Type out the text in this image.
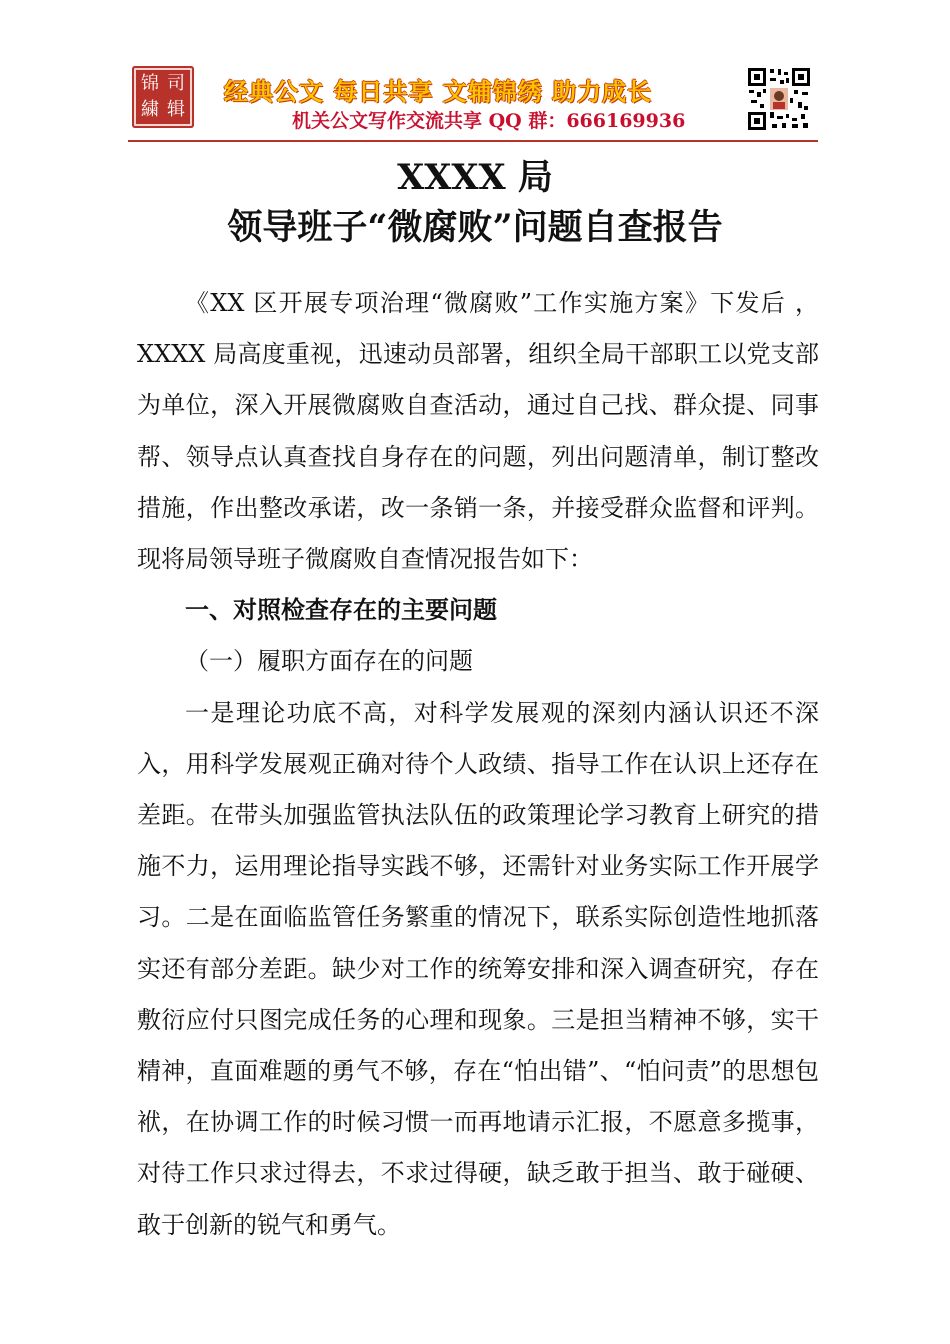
锦 司
繍 辑
经典公文 每日共享 文辅锦绣 助力成长
机关公文写作交流共享 QQ 群：666169936
XXXX 局
领导班子“微腐败”问题自查报告

《XX 区开展专项治理“微腐败”工作实施方案》下发后 ，XXXX 局高度重视，迅速动员部署，组织全局干部职工以党支部为单位，深入开展微腐败自查活动，通过自己找、群众提、同事帮、领导点认真查找自身存在的问题，列出问题清单，制订整改措施，作出整改承诺，改一条销一条，并接受群众监督和评判。现将局领导班子微腐败自查情况报告如下：

一、对照检查存在的主要问题

（一）履职方面存在的问题

一是理论功底不高，对科学发展观的深刻内涵认识还不深入，用科学发展观正确对待个人政绩、指导工作在认识上还存在差距。在带头加强监管执法队伍的政策理论学习教育上研究的措施不力，运用理论指导实践不够，还需针对业务实际工作开展学习。二是在面临监管任务繁重的情况下，联系实际创造性地抓落实还有部分差距。缺少对工作的统筹安排和深入调查研究，存在敷衍应付只图完成任务的心理和现象。三是担当精神不够，实干精神，直面难题的勇气不够，存在“怕出错”、“怕问责”的思想包袱，在协调工作的时候习惯一而再地请示汇报，不愿意多揽事，对待工作只求过得去，不求过得硬，缺乏敢于担当、敢于碰硬、敢于创新的锐气和勇气。
